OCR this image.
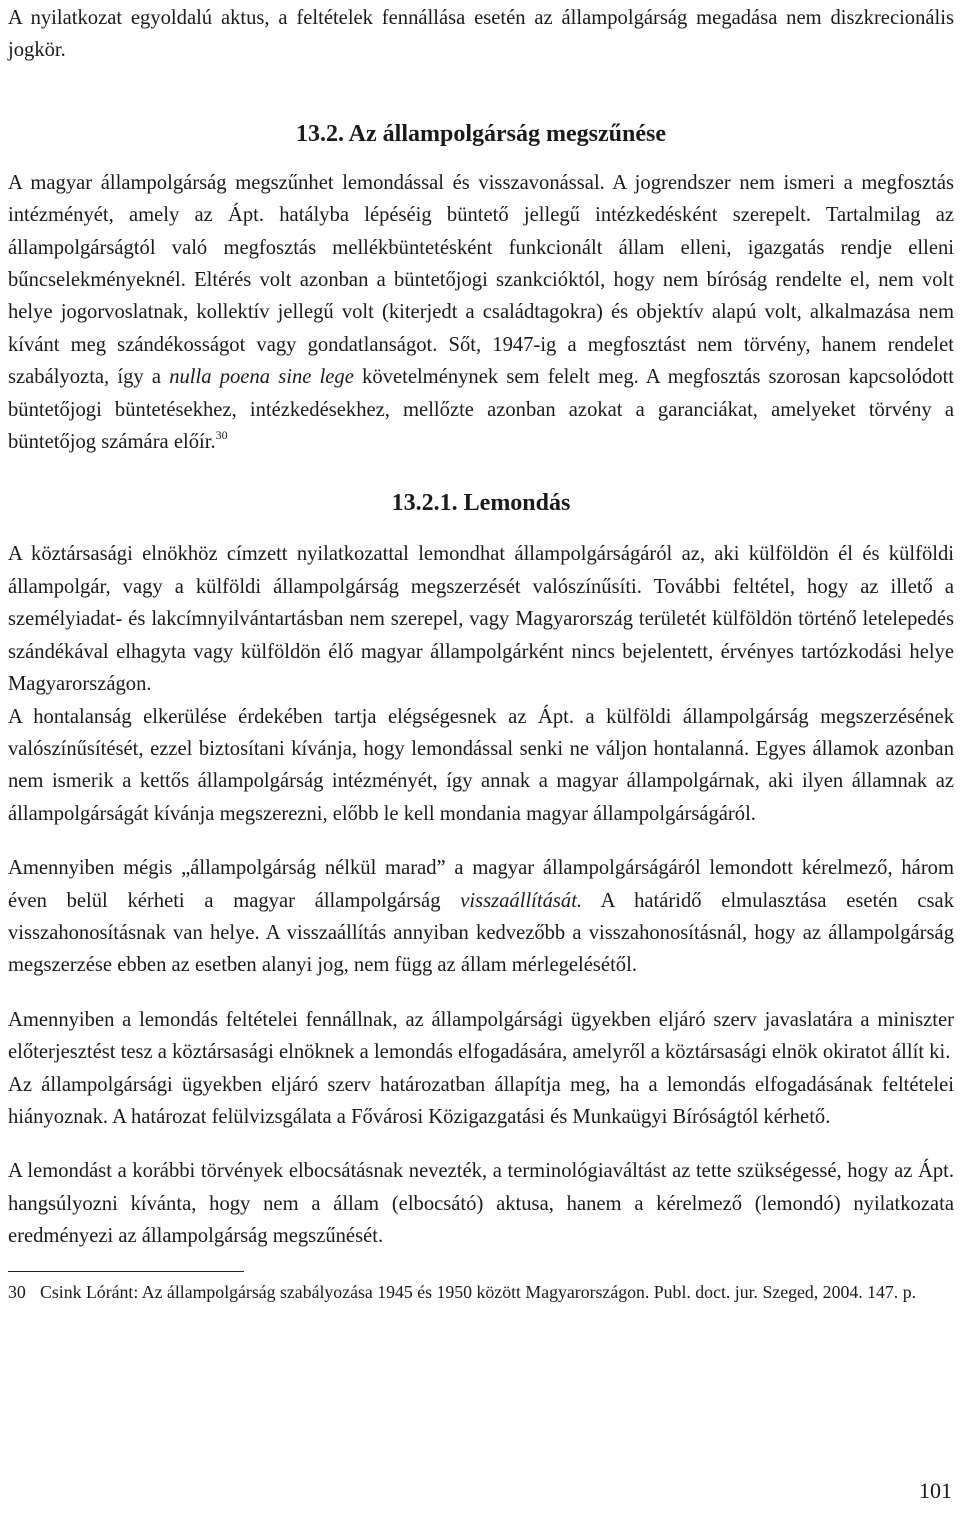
A nyilatkozat egyoldalú aktus, a feltételek fennállása esetén az állampolgárság megadása nem diszkrecionális jogkör.

13.2. Az állampolgárság megszűnése

A magyar állampolgárság megszűnhet lemondással és visszavonással. A jogrendszer nem ismeri a megfosztás intézményét, amely az Ápt. hatályba lépéséig büntető jellegű intézkedésként szerepelt. Tartalmilag az állampolgárságtól való megfosztás mellékbüntetésként funkcionált állam elleni, igazgatás rendje elleni bűncselekményeknél. Eltérés volt azonban a büntetőjogi szankcióktól, hogy nem bíróság rendelte el, nem volt helye jogorvoslatnak, kollektív jellegű volt (kiterjedt a családtagokra) és objektív alapú volt, alkalmazása nem kívánt meg szándékosságot vagy gondatlanságot. Sőt, 1947-ig a megfosztást nem törvény, hanem rendelet szabályozta, így a nulla poena sine lege követelménynek sem felelt meg. A megfosztás szorosan kapcsolódott büntetőjogi büntetésekhez, intézkedésekhez, mellőzte azonban azokat a garanciákat, amelyeket törvény a büntetőjog számára előír.$^{30}$

13.2.1. Lemondás

A köztársasági elnökhöz címzett nyilatkozattal lemondhat állampolgárságáról az, aki külföldön él és külföldi állampolgár, vagy a külföldi állampolgárság megszerzését valószínűsíti. További feltétel, hogy az illető a személyiadat- és lakcímnyilvántartásban nem szerepel, vagy Magyarország területét külföldön történő letelepedés szándékával elhagyta vagy külföldön élő magyar állampolgárként nincs bejelentett, érvényes tartózkodási helye Magyarországon.

A hontalanság elkerülése érdekében tartja elégségesnek az Ápt. a külföldi állampolgárság megszerzésének valószínűsítését, ezzel biztosítani kívánja, hogy lemondással senki ne váljon hontalanná. Egyes államok azonban nem ismerik a kettős állampolgárság intézményét, így annak a magyar állampolgárnak, aki ilyen államnak az állampolgárságát kívánja megszerezni, előbb le kell mondania magyar állampolgárságáról.

Amennyiben mégis „állampolgárság nélkül marad” a magyar állampolgárságáról lemondott kérelmező, három éven belül kérheti a magyar állampolgárság visszaállítását. A határidő elmulasztása esetén csak visszahonosításnak van helye. A visszaállítás annyiban kedvezőbb a visszahonosításnál, hogy az állampolgárság megszerzése ebben az esetben alanyi jog, nem függ az állam mérlegelésétől.

Amennyiben a lemondás feltételei fennállnak, az állampolgársági ügyekben eljáró szerv javaslatára a miniszter előterjesztést tesz a köztársasági elnöknek a lemondás elfogadására, amelyről a köztársasági elnök okiratot állít ki.

Az állampolgársági ügyekben eljáró szerv határozatban állapítja meg, ha a lemondás elfogadásának feltételei hiányoznak. A határozat felülvizsgálata a Fővárosi Közigazgatási és Munkaügyi Bíróságtól kérhető.

A lemondást a korábbi törvények elbocsátásnak nevezték, a terminológiaváltást az tette szükségessé, hogy az Ápt. hangsúlyozni kívánta, hogy nem a állam (elbocsátó) aktusa, hanem a kérelmező (lemondó) nyilatkozata eredményezi az állampolgárság megszűnését.

30 Csink Lóránt: Az állampolgárság szabályozása 1945 és 1950 között Magyarországon. Publ. doct. jur. Szeged, 2004. 147. p.
101
